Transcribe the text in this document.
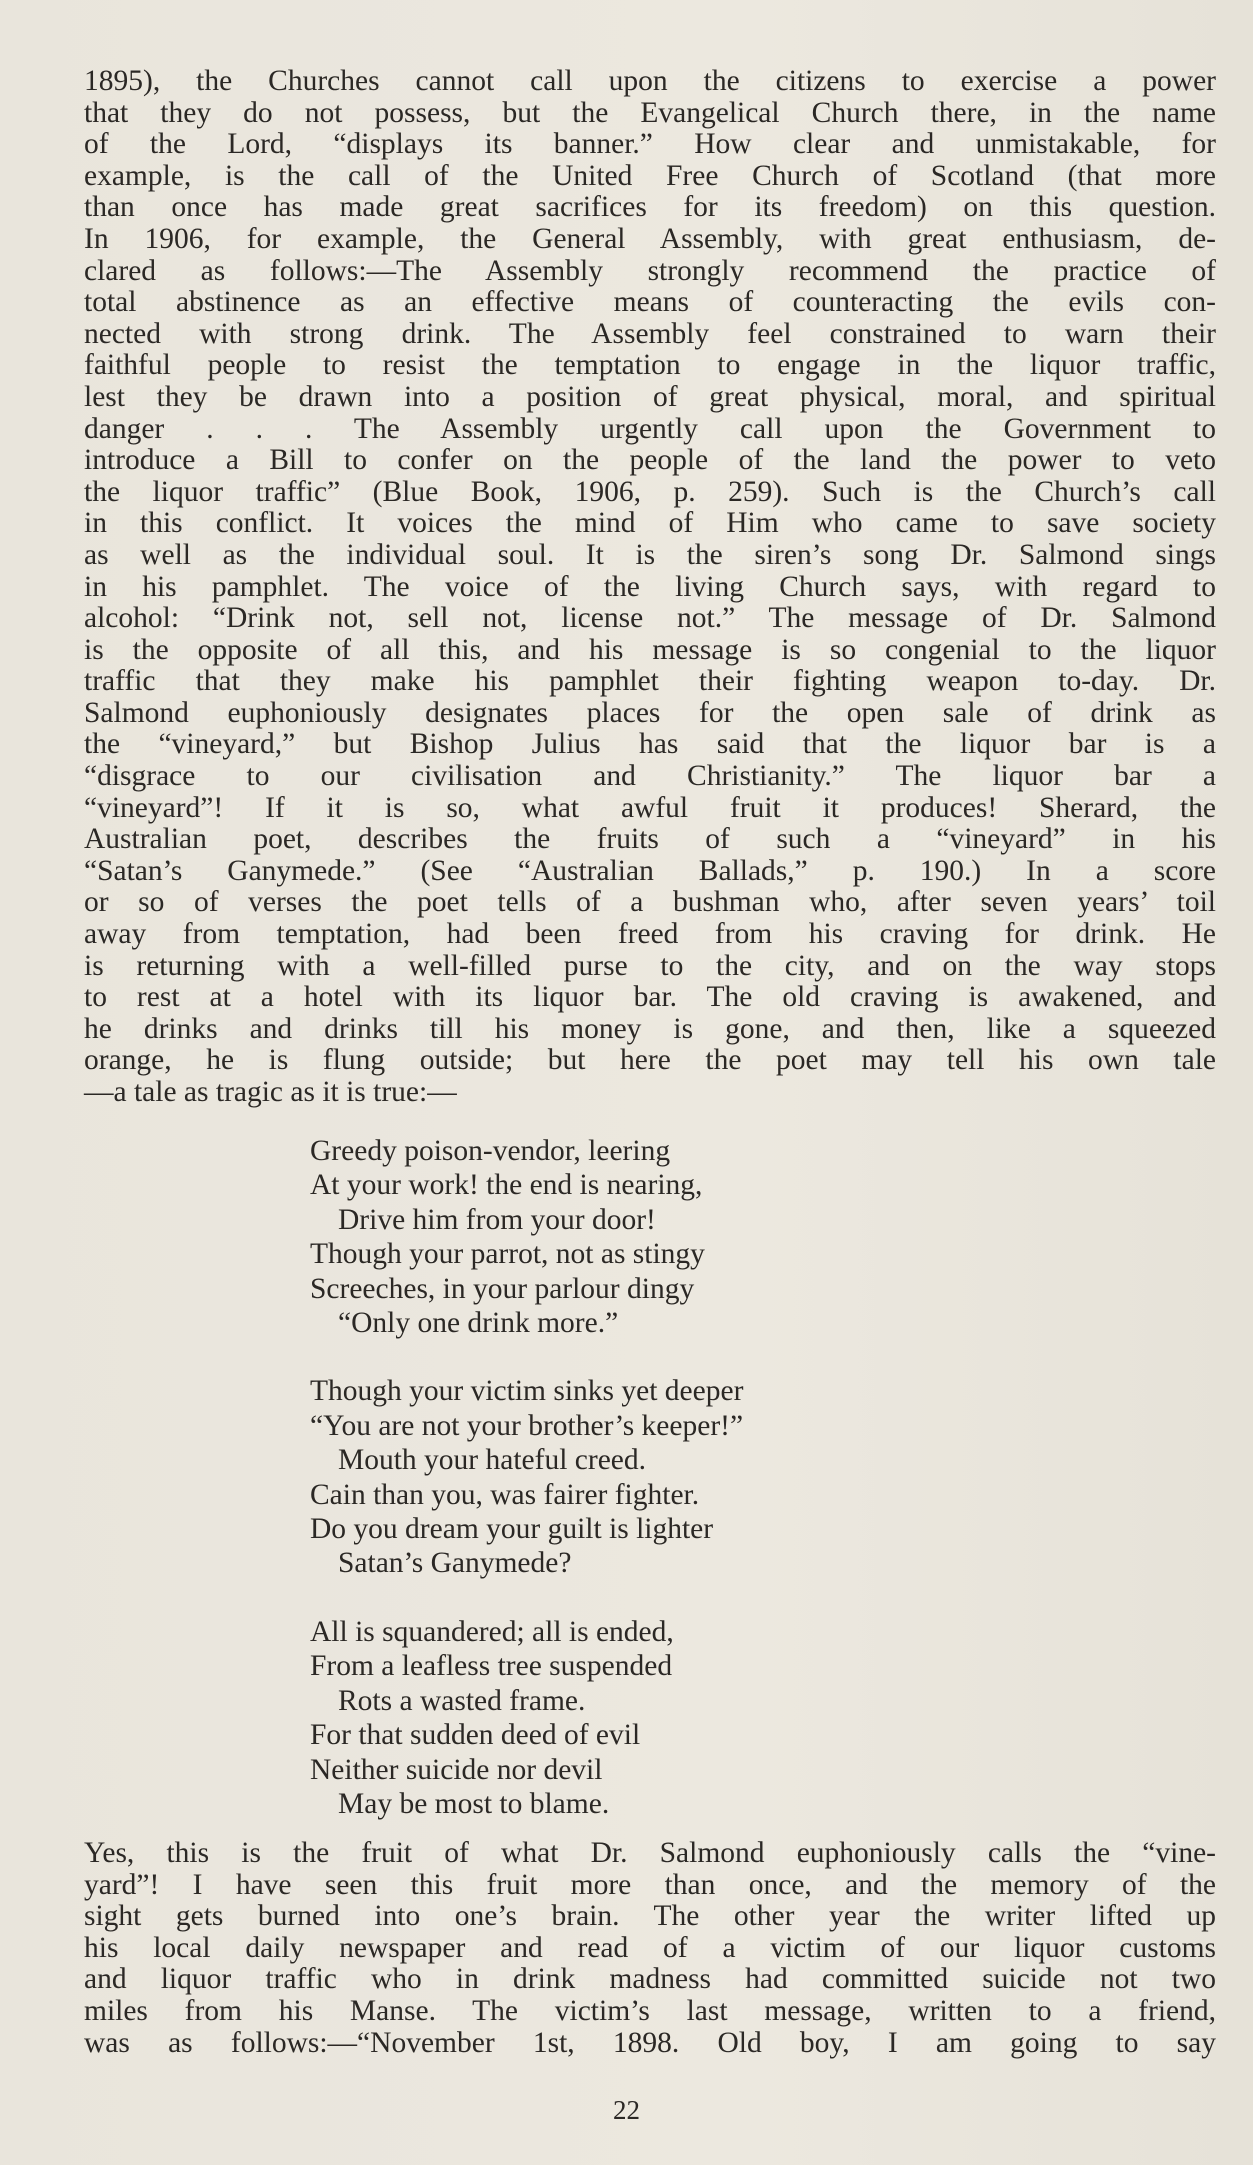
1895), the Churches cannot call upon the citizens to exercise a power
that they do not possess, but the Evangelical Church there, in the name
of the Lord, “displays its banner.” How clear and unmistakable, for
example, is the call of the United Free Church of Scotland (that more
than once has made great sacrifices for its freedom) on this question.
In 1906, for example, the General Assembly, with great enthusiasm, de-
clared as follows:—The Assembly strongly recommend the practice of
total abstinence as an effective means of counteracting the evils con-
nected with strong drink. The Assembly feel constrained to warn their
faithful people to resist the temptation to engage in the liquor traffic,
lest they be drawn into a position of great physical, moral, and spiritual
danger . . . The Assembly urgently call upon the Government to
introduce a Bill to confer on the people of the land the power to veto
the liquor traffic” (Blue Book, 1906, p. 259). Such is the Church’s call
in this conflict. It voices the mind of Him who came to save society
as well as the individual soul. It is the siren’s song Dr. Salmond sings
in his pamphlet. The voice of the living Church says, with regard to
alcohol: “Drink not, sell not, license not.” The message of Dr. Salmond
is the opposite of all this, and his message is so congenial to the liquor
traffic that they make his pamphlet their fighting weapon to-day. Dr.
Salmond euphoniously designates places for the open sale of drink as
the “vineyard,” but Bishop Julius has said that the liquor bar is a
“disgrace to our civilisation and Christianity.” The liquor bar a
“vineyard”! If it is so, what awful fruit it produces! Sherard, the
Australian poet, describes the fruits of such a “vineyard” in his
“Satan’s Ganymede.” (See “Australian Ballads,” p. 190.) In a score
or so of verses the poet tells of a bushman who, after seven years’ toil
away from temptation, had been freed from his craving for drink. He
is returning with a well-filled purse to the city, and on the way stops
to rest at a hotel with its liquor bar. The old craving is awakened, and
he drinks and drinks till his money is gone, and then, like a squeezed
orange, he is flung outside; but here the poet may tell his own tale
—a tale as tragic as it is true:—
Greedy poison-vendor, leering
At your work! the end is nearing,
Drive him from your door!
Though your parrot, not as stingy
Screeches, in your parlour dingy
“Only one drink more.”
Though your victim sinks yet deeper
“You are not your brother’s keeper!”
Mouth your hateful creed.
Cain than you, was fairer fighter.
Do you dream your guilt is lighter
Satan’s Ganymede?
All is squandered; all is ended,
From a leafless tree suspended
Rots a wasted frame.
For that sudden deed of evil
Neither suicide nor devil
May be most to blame.
Yes, this is the fruit of what Dr. Salmond euphoniously calls the “vine-
yard”! I have seen this fruit more than once, and the memory of the
sight gets burned into one’s brain. The other year the writer lifted up
his local daily newspaper and read of a victim of our liquor customs
and liquor traffic who in drink madness had committed suicide not two
miles from his Manse. The victim’s last message, written to a friend,
was as follows:—“November 1st, 1898. Old boy, I am going to say
22
